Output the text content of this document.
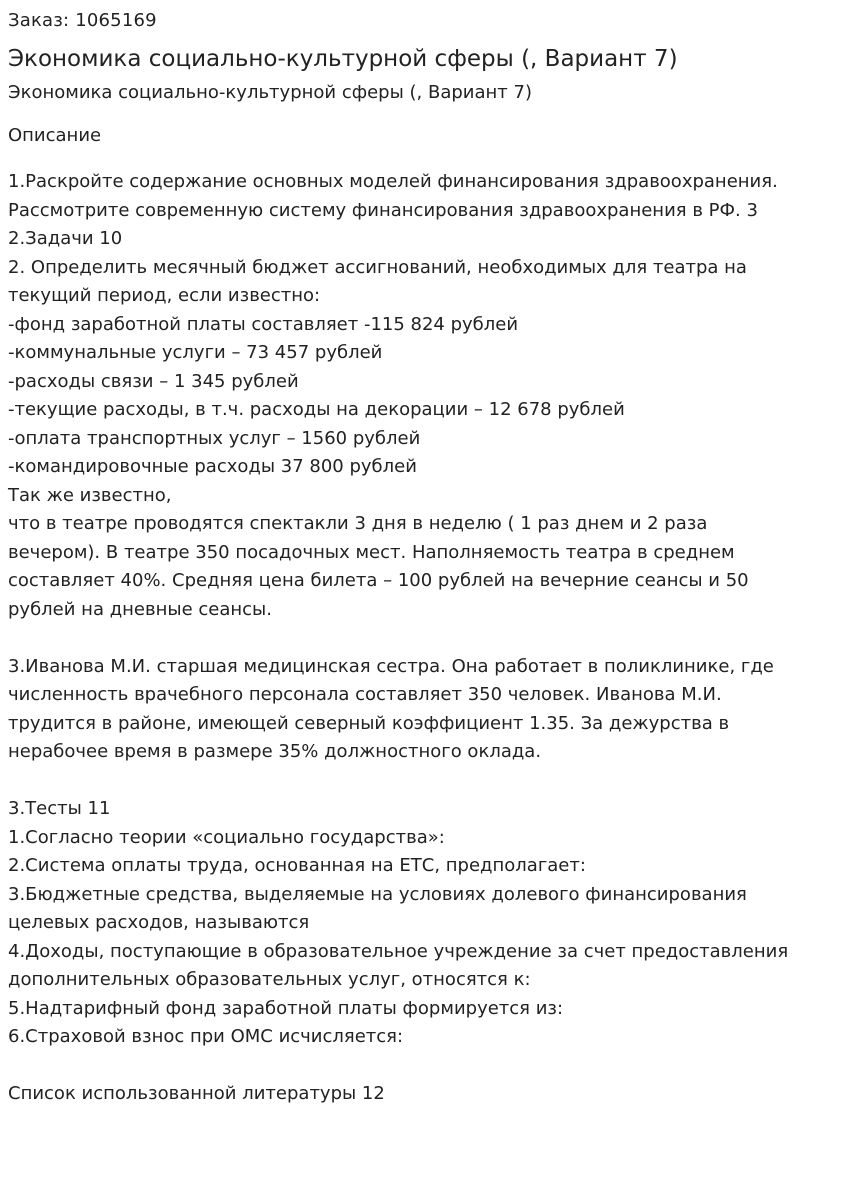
Заказ: 1065169
Экономика социально-культурной сферы (, Вариант 7)
Экономика социально-культурной сферы (, Вариант 7)
Описание
1.Раскройте содержание основных моделей финансирования здравоохранения.
Рассмотрите современную систему финансирования здравоохранения в РФ. 3
2.Задачи 10
2. Определить месячный бюджет ассигнований, необходимых для театра на
текущий период, если известно:
-фонд заработной платы составляет -115 824 рублей
-коммунальные услуги – 73 457 рублей
-расходы связи – 1 345 рублей
-текущие расходы, в т.ч. расходы на декорации – 12 678 рублей
-оплата транспортных услуг – 1560 рублей
-командировочные расходы 37 800 рублей
Так же известно,
что в театре проводятся спектакли 3 дня в неделю ( 1 раз днем и 2 раза
вечером). В театре 350 посадочных мест. Наполняемость театра в среднем
составляет 40%. Средняя цена билета – 100 рублей на вечерние сеансы и 50
рублей на дневные сеансы.
3.Иванова М.И. старшая медицинская сестра. Она работает в поликлинике, где
численность врачебного персонала составляет 350 человек. Иванова М.И.
трудится в районе, имеющей северный коэффициент 1.35. За дежурства в
нерабочее время в размере 35% должностного оклада.
3.Тесты 11
1.Согласно теории «социально государства»:
2.Система оплаты труда, основанная на ЕТС, предполагает:
3.Бюджетные средства, выделяемые на условиях долевого финансирования
целевых расходов, называются
4.Доходы, поступающие в образовательное учреждение за счет предоставления
дополнительных образовательных услуг, относятся к:
5.Надтарифный фонд заработной платы формируется из:
6.Страховой взнос при ОМС исчисляется:
Список использованной литературы 12
